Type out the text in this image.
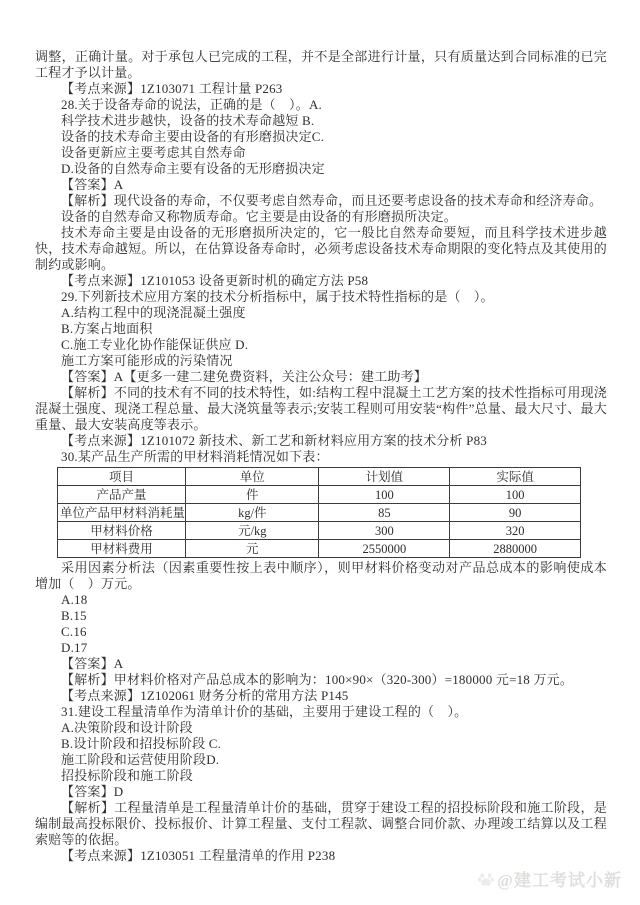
调整，正确计量。对于承包人已完成的工程，并不是全部进行计量，只有质量达到合同标准的已完工程才予以计量。

【考点来源】1Z103071 工程计量 P263

28.关于设备寿命的说法，正确的是（　）。A.

科学技术进步越快，设备的技术寿命越短 B.

设备的技术寿命主要由设备的有形磨损决定C.

设备更新应主要考虑其自然寿命

D.设备的自然寿命主要有设备的无形磨损决定

【答案】A

【解析】现代设备的寿命，不仅要考虑自然寿命，而且还要考虑设备的技术寿命和经济寿命。

设备的自然寿命又称物质寿命。它主要是由设备的有形磨损所决定。

技术寿命主要是由设备的无形磨损所决定的，它一般比自然寿命要短，而且科学技术进步越快，技术寿命越短。所以，在估算设备寿命时，必须考虑设备技术寿命期限的变化特点及其使用的制约或影响。

【考点来源】1Z101053 设备更新时机的确定方法 P58

29.下列新技术应用方案的技术分析指标中，属于技术特性指标的是（　）。

A.结构工程中的现浇混凝土强度

B.方案占地面积

C.施工专业化协作能保证供应 D.

施工方案可能形成的污染情况

【答案】A【更多一建二建免费资料，关注公众号：建工助考】

【解析】不同的技术有不同的技术特性，如:结构工程中混凝土工艺方案的技术性指标可用现浇混凝土强度、现浇工程总量、最大浇筑量等表示;安装工程则可用安装“构件”总量、最大尺寸、最大重量、最大安装高度等表示。

【考点来源】1Z101072 新技术、新工艺和新材料应用方案的技术分析 P83

30.某产品生产所需的甲材料消耗情况如下表：

项目	单位	计划值	实际值
产品产量	件	100	100
单位产品甲材料消耗量	kg/件	85	90
甲材料价格	元/kg	300	320
甲材料费用	元	2550000	2880000

采用因素分析法（因素重要性按上表中顺序），则甲材料价格变动对产品总成本的影响使成本增加（　）万元。

A.18

B.15

C.16

D.17

【答案】A

【解析】甲材料价格对产品总成本的影响为：100×90×（320-300）=180000 元=18 万元。

【考点来源】1Z102061 财务分析的常用方法 P145

31.建设工程量清单作为清单计价的基础，主要用于建设工程的（　）。

A.决策阶段和设计阶段

B.设计阶段和招投标阶段 C.

施工阶段和运营使用阶段D.

招投标阶段和施工阶段

【答案】D

【解析】工程量清单是工程量清单计价的基础，贯穿于建设工程的招投标阶段和施工阶段，是编制最高投标限价、投标报价、计算工程量、支付工程款、调整合同价款、办理竣工结算以及工程索赔等的依据。

【考点来源】1Z103051 工程量清单的作用 P238

@建工考试小新
